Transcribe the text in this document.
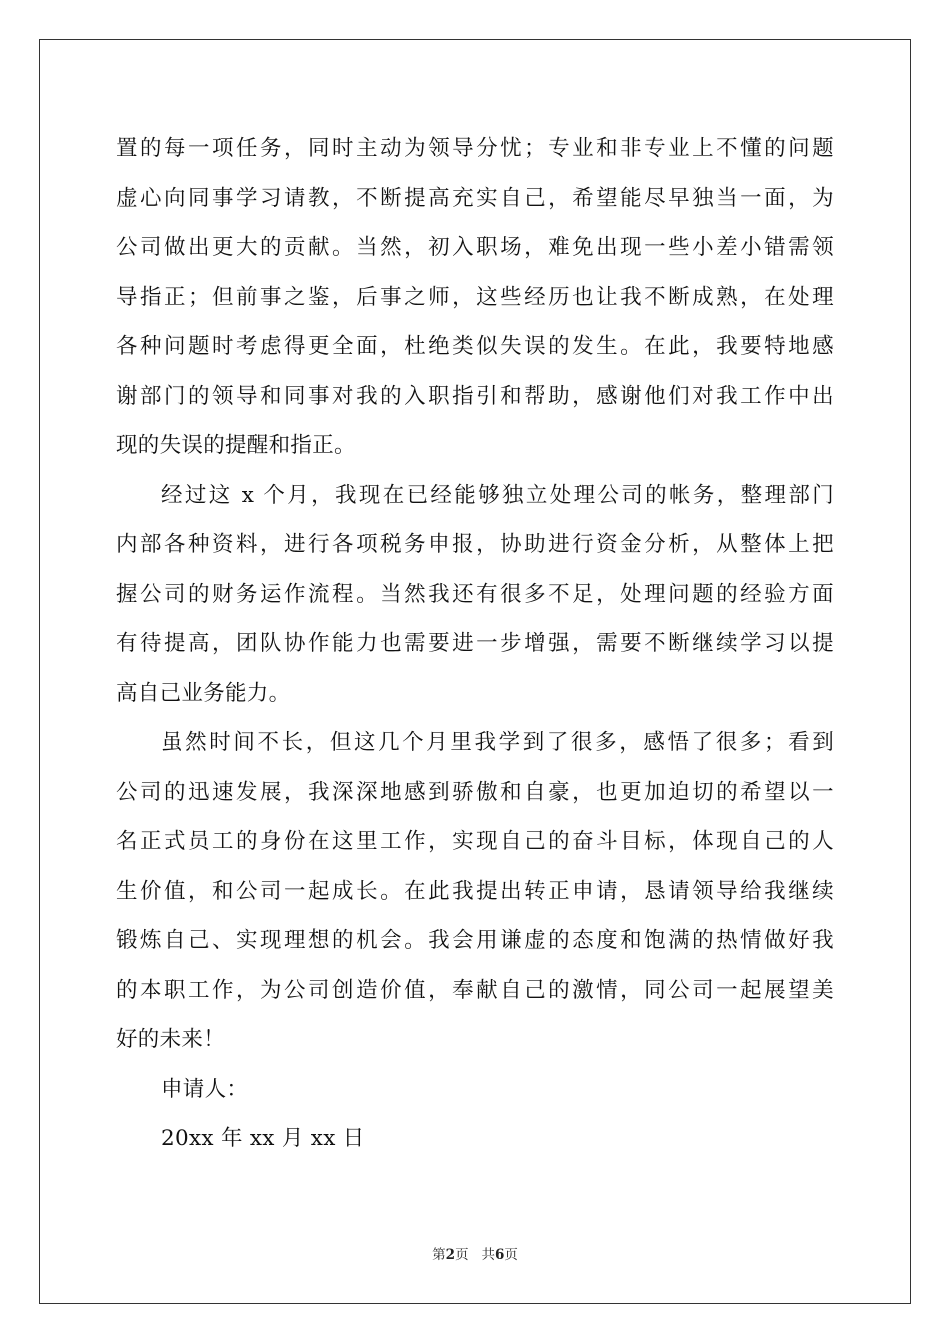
置的每一项任务，同时主动为领导分忧；专业和非专业上不懂的问题
虚心向同事学习请教，不断提高充实自己，希望能尽早独当一面，为
公司做出更大的贡献。当然，初入职场，难免出现一些小差小错需领
导指正；但前事之鉴，后事之师，这些经历也让我不断成熟，在处理
各种问题时考虑得更全面，杜绝类似失误的发生。在此，我要特地感
谢部门的领导和同事对我的入职指引和帮助，感谢他们对我工作中出
现的失误的提醒和指正。
经过这 x 个月，我现在已经能够独立处理公司的帐务，整理部门
内部各种资料，进行各项税务申报，协助进行资金分析，从整体上把
握公司的财务运作流程。当然我还有很多不足，处理问题的经验方面
有待提高，团队协作能力也需要进一步增强，需要不断继续学习以提
高自己业务能力。
虽然时间不长，但这几个月里我学到了很多，感悟了很多；看到
公司的迅速发展，我深深地感到骄傲和自豪，也更加迫切的希望以一
名正式员工的身份在这里工作，实现自己的奋斗目标，体现自己的人
生价值，和公司一起成长。在此我提出转正申请，恳请领导给我继续
锻炼自己、实现理想的机会。我会用谦虚的态度和饱满的热情做好我
的本职工作，为公司创造价值，奉献自己的激情，同公司一起展望美
好的未来！
申请人：
20xx 年 xx 月 xx 日
第2页 共6页
